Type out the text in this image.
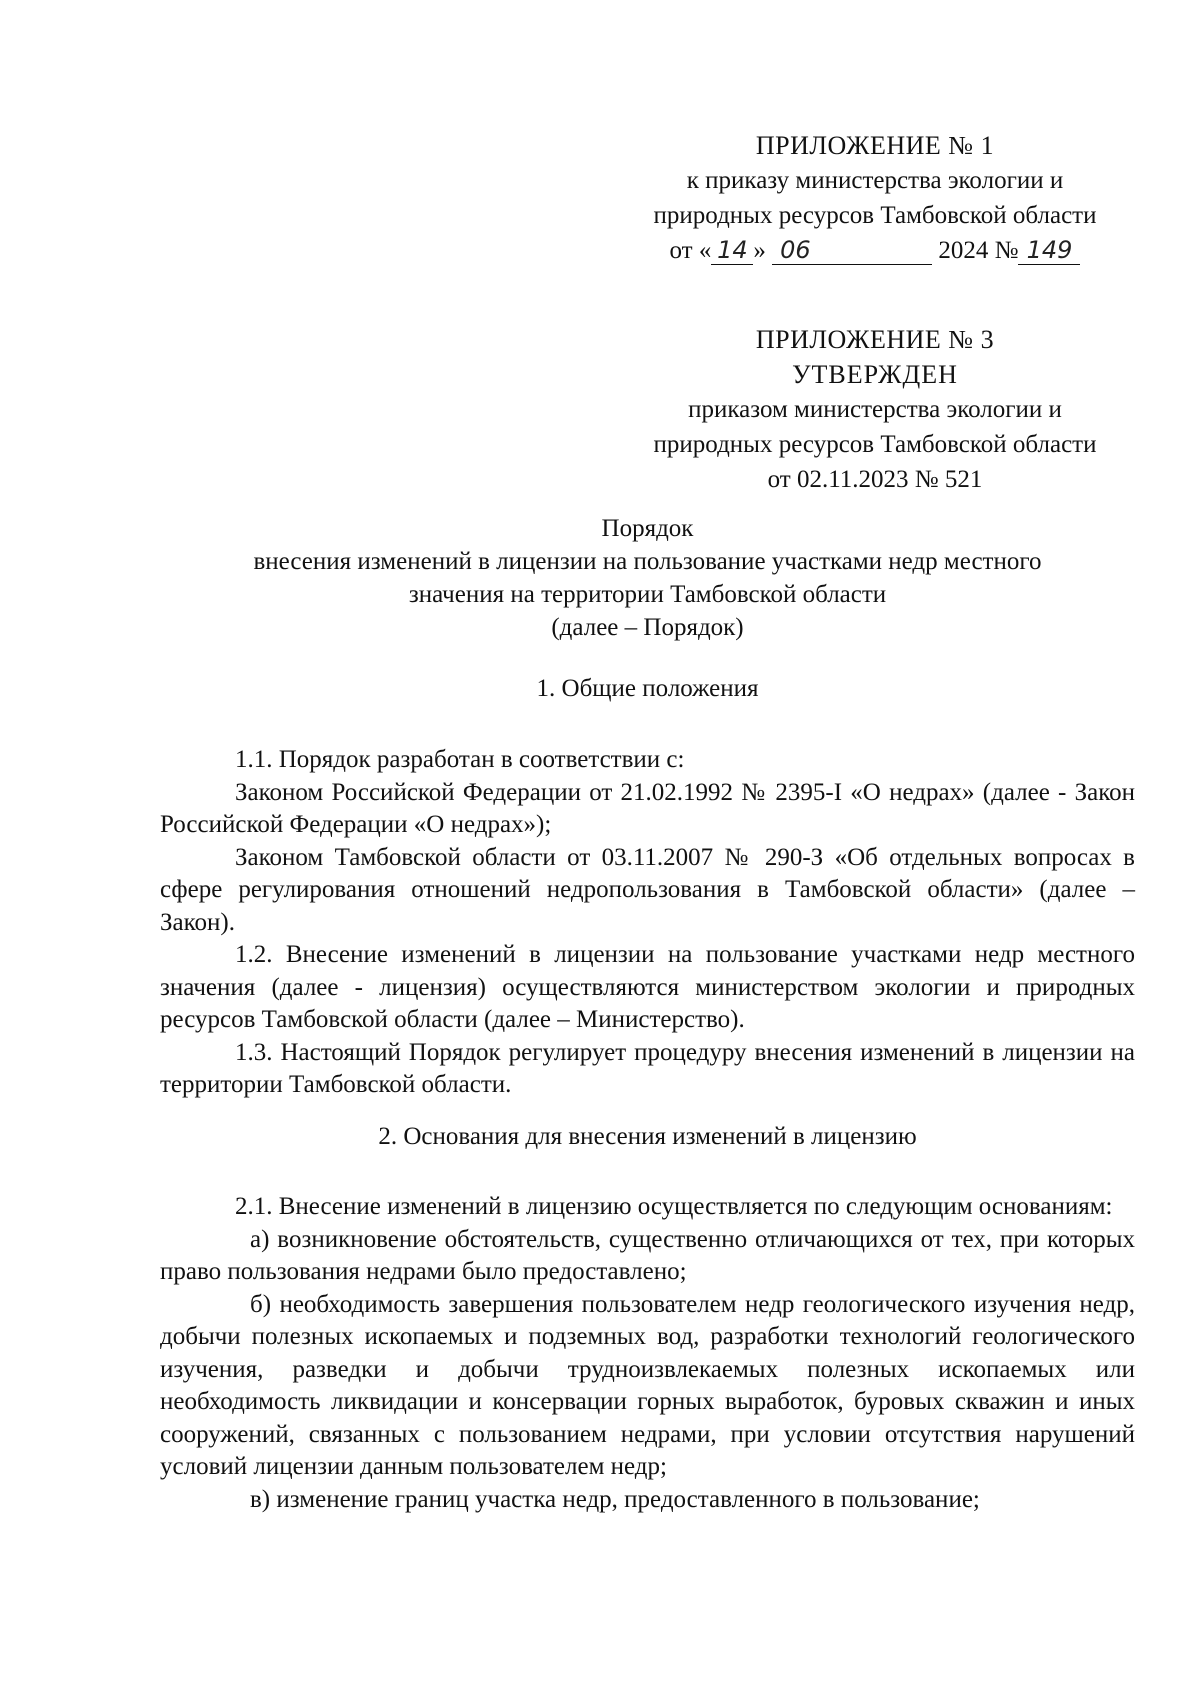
ПРИЛОЖЕНИЕ № 1
к приказу министерства экологии и
природных ресурсов Тамбовской области
от « 14 » 06	2024 № 149
ПРИЛОЖЕНИЕ № 3
УТВЕРЖДЕН
приказом министерства экологии и
природных ресурсов Тамбовской области
от 02.11.2023 № 521
Порядок
внесения изменений в лицензии на пользование участками недр местного
значения на территории Тамбовской области
(далее – Порядок)
1. Общие положения

1.1. Порядок разработан в соответствии с:

Законом Российской Федерации от 21.02.1992 № 2395-I «О недрах» (далее - Закон Российской Федерации «О недрах»);

Законом Тамбовской области от 03.11.2007 № 290-З «Об отдельных вопросах в сфере регулирования отношений недропользования в Тамбовской области» (далее – Закон).

1.2. Внесение изменений в лицензии на пользование участками недр местного значения (далее - лицензия) осуществляются министерством экологии и природных ресурсов Тамбовской области (далее – Министерство).

1.3. Настоящий Порядок регулирует процедуру внесения изменений в лицензии на территории Тамбовской области.

2. Основания для внесения изменений в лицензию

2.1. Внесение изменений в лицензию осуществляется по следующим основаниям:

а) возникновение обстоятельств, существенно отличающихся от тех, при которых право пользования недрами было предоставлено;

б) необходимость завершения пользователем недр геологического изучения недр, добычи полезных ископаемых и подземных вод, разработки технологий геологического изучения, разведки и добычи трудноизвлекаемых полезных ископаемых или необходимость ликвидации и консервации горных выработок, буровых скважин и иных сооружений, связанных с пользованием недрами, при условии отсутствия нарушений условий лицензии данным пользователем недр;

в) изменение границ участка недр, предоставленного в пользование;
